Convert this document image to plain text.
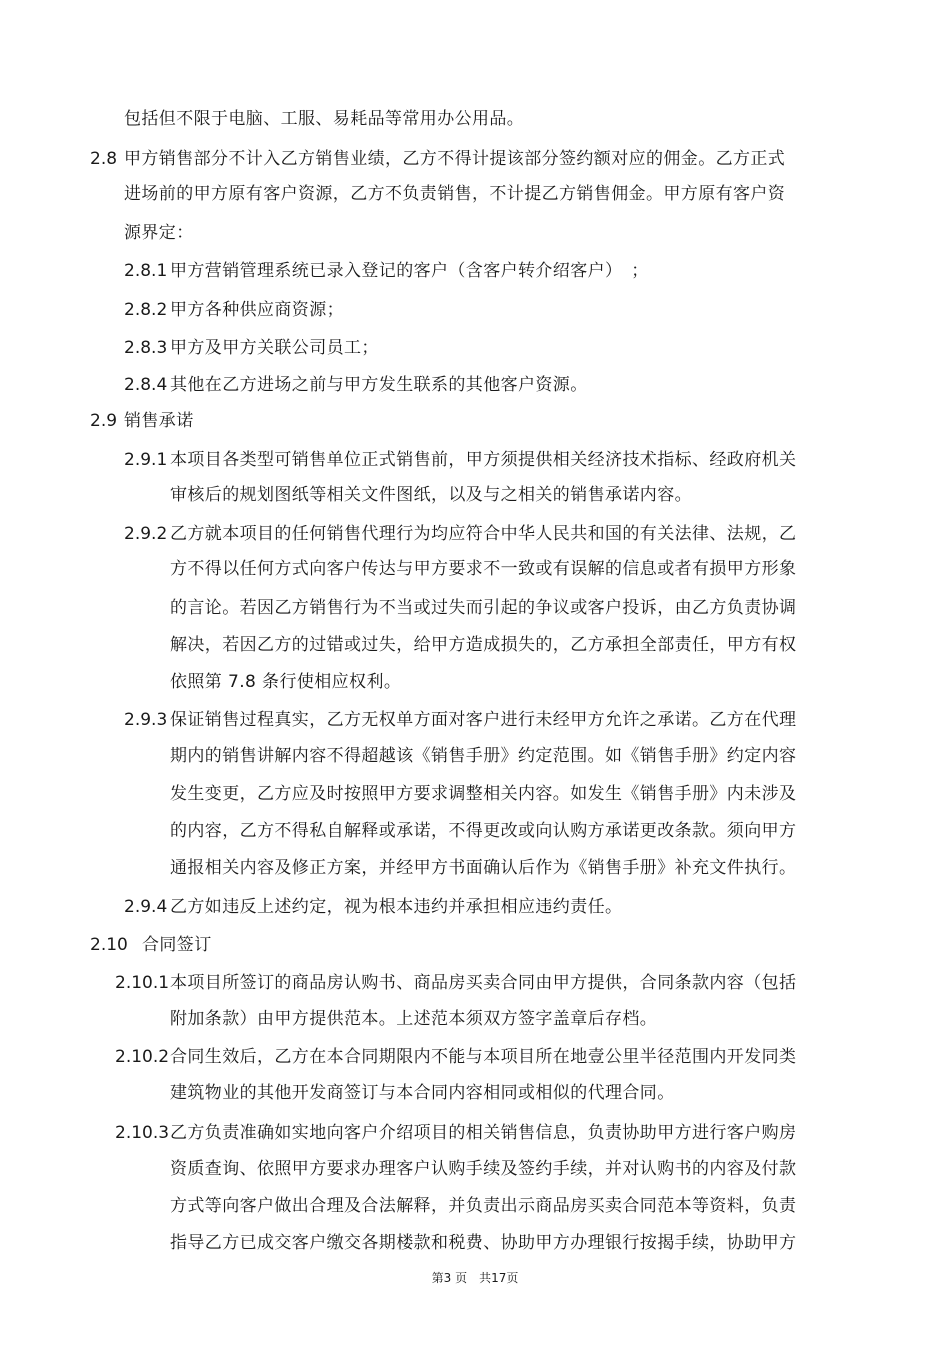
包括但不限于电脑、工服、易耗品等常用办公用品。
2.8 甲方销售部分不计入乙方销售业绩，乙方不得计提该部分签约额对应的佣金。乙方正式
进场前的甲方原有客户资源，乙方不负责销售，不计提乙方销售佣金。甲方原有客户资
源界定：
2.8.1 甲方营销管理系统已录入登记的客户（含客户转介绍客户）　；
2.8.2 甲方各种供应商资源；
2.8.3 甲方及甲方关联公司员工；
2.8.4 其他在乙方进场之前与甲方发生联系的其他客户资源。
2.9 销售承诺
2.9.1 本项目各类型可销售单位正式销售前，甲方须提供相关经济技术指标、经政府机关
审核后的规划图纸等相关文件图纸，以及与之相关的销售承诺内容。
2.9.2 乙方就本项目的任何销售代理行为均应符合中华人民共和国的有关法律、法规，乙
方不得以任何方式向客户传达与甲方要求不一致或有误解的信息或者有损甲方形象
的言论。若因乙方销售行为不当或过失而引起的争议或客户投诉，由乙方负责协调
解决，若因乙方的过错或过失，给甲方造成损失的，乙方承担全部责任，甲方有权
依照第 7.8 条行使相应权利。
2.9.3 保证销售过程真实，乙方无权单方面对客户进行未经甲方允许之承诺。乙方在代理
期内的销售讲解内容不得超越该《销售手册》约定范围。如《销售手册》约定内容
发生变更，乙方应及时按照甲方要求调整相关内容。如发生《销售手册》内未涉及
的内容，乙方不得私自解释或承诺，不得更改或向认购方承诺更改条款。须向甲方
通报相关内容及修正方案，并经甲方书面确认后作为《销售手册》补充文件执行。
2.9.4 乙方如违反上述约定，视为根本违约并承担相应违约责任。
2.10 合同签订
2.10.1 本项目所签订的商品房认购书、商品房买卖合同由甲方提供，合同条款内容（包括
附加条款）由甲方提供范本。上述范本须双方签字盖章后存档。
2.10.2 合同生效后，乙方在本合同期限内不能与本项目所在地壹公里半径范围内开发同类
建筑物业的其他开发商签订与本合同内容相同或相似的代理合同。
2.10.3 乙方负责准确如实地向客户介绍项目的相关销售信息，负责协助甲方进行客户购房
资质查询、依照甲方要求办理客户认购手续及签约手续，并对认购书的内容及付款
方式等向客户做出合理及合法解释，并负责出示商品房买卖合同范本等资料，负责
指导乙方已成交客户缴交各期楼款和税费、协助甲方办理银行按揭手续，协助甲方
第3 页　共17页
